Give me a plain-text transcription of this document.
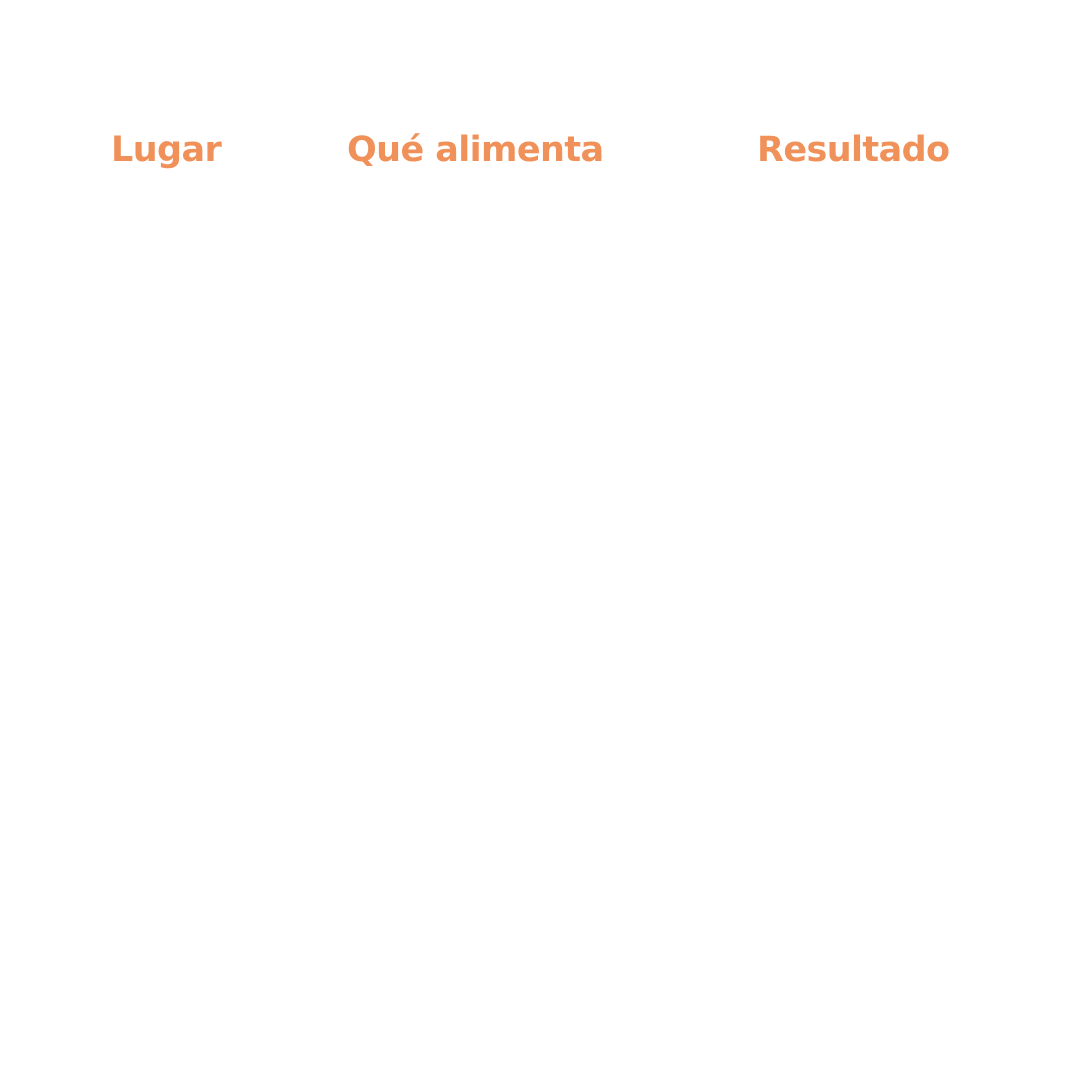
Lugar	Qué alimenta	Resultado
